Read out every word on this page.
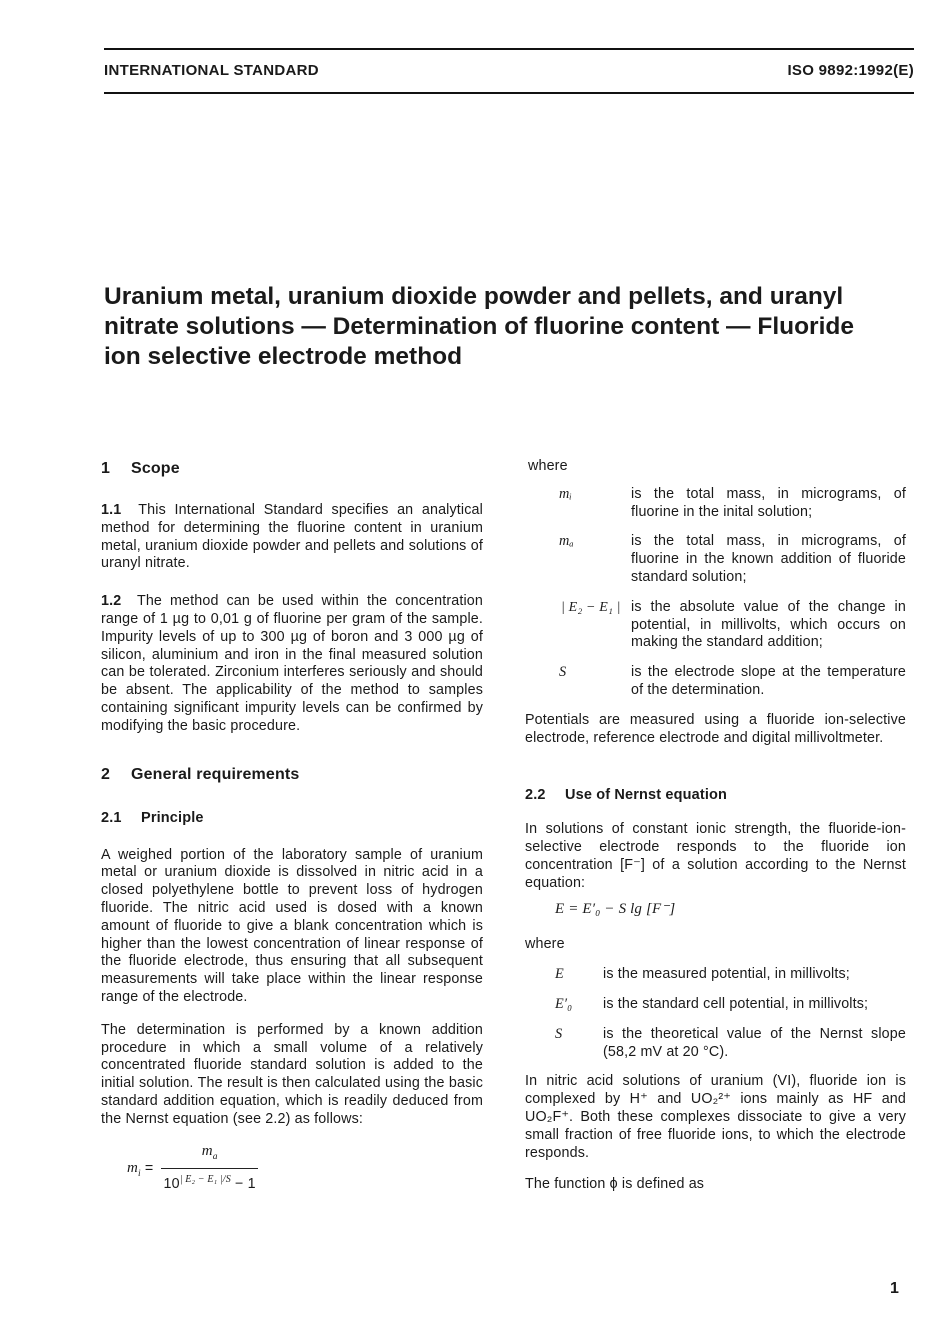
INTERNATIONAL STANDARD	ISO 9892:1992(E)
Uranium metal, uranium dioxide powder and pellets, and uranyl nitrate solutions — Determination of fluorine content — Fluoride ion selective electrode method
1 Scope

1.1 This International Standard specifies an analytical method for determining the fluorine content in uranium metal, uranium dioxide powder and pellets and solutions of uranyl nitrate.

1.2 The method can be used within the concentration range of 1 µg to 0,01 g of fluorine per gram of the sample. Impurity levels of up to 300 µg of boron and 3 000 µg of silicon, aluminium and iron in the final measured solution can be tolerated. Zirconium interferes seriously and should be absent. The applicability of the method to samples containing significant impurity levels can be confirmed by modifying the basic procedure.

2 General requirements
2.1 Principle

A weighed portion of the laboratory sample of uranium metal or uranium dioxide is dissolved in nitric acid in a closed polyethylene bottle to prevent loss of hydrogen fluoride. The nitric acid used is dosed with a known amount of fluoride to give a blank concentration which is higher than the lowest concentration of linear response of the fluoride electrode, thus ensuring that all subsequent measurements will take place within the linear response range of the electrode.

The determination is performed by a known addition procedure in which a small volume of a relatively concentrated fluoride standard solution is added to the initial solution. The result is then calculated using the basic standard addition equation, which is readily deduced from the Nernst equation (see 2.2) as follows:

$m_i = \frac{m_a}{10^{| E_2 - E_1 |/S} - 1}$

where

mᵢ	is the total mass, in micrograms, of fluorine in the inital solution;
mₐ	is the total mass, in micrograms, of fluorine in the known addition of fluoride standard solution;
| E₂ − E₁ | is the absolute value of the change in potential, in millivolts, which occurs on making the standard addition;
S	is the electrode slope at the temperature of the determination.

Potentials are measured using a fluoride ion-selective electrode, reference electrode and digital millivoltmeter.

2.2 Use of Nernst equation

In solutions of constant ionic strength, the fluoride-ion-selective electrode responds to the fluoride ion concentration [F⁻] of a solution according to the Nernst equation:

E = E′₀ − S lg [F⁻]

where

E	is the measured potential, in millivolts;
E′₀	is the standard cell potential, in millivolts;
S	is the theoretical value of the Nernst slope (58,2 mV at 20 °C).

In nitric acid solutions of uranium (VI), fluoride ion is complexed by H⁺ and UO₂²⁺ ions mainly as HF and UO₂F⁺. Both these complexes dissociate to give a very small fraction of free fluoride ions, to which the electrode responds.

The function ϕ is defined as

1
